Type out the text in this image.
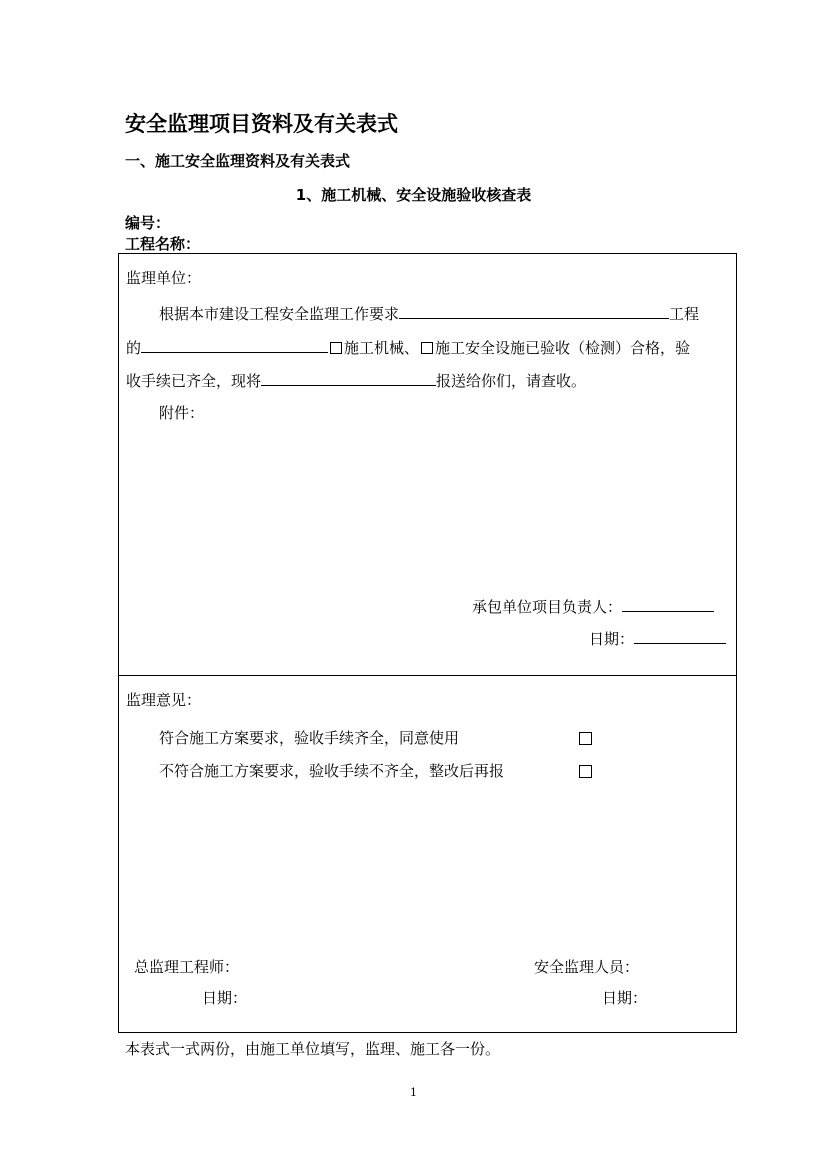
安全监理项目资料及有关表式
一、施工安全监理资料及有关表式
1、施工机械、安全设施验收核查表
编号：
工程名称：
监理单位：
根据本市建设工程安全监理工作要求	工程
的	施工机械、 施工安全设施已验收（检测）合格，验
收手续已齐全，现将	报送给你们，请查收。
附件：
承包单位项目负责人：
日期：
监理意见：
符合施工方案要求，验收手续齐全，同意使用
不符合施工方案要求，验收手续不齐全，整改后再报
总监理工程师：	安全监理人员：
日期：	日期：
本表式一式两份，由施工单位填写，监理、施工各一份。
1
